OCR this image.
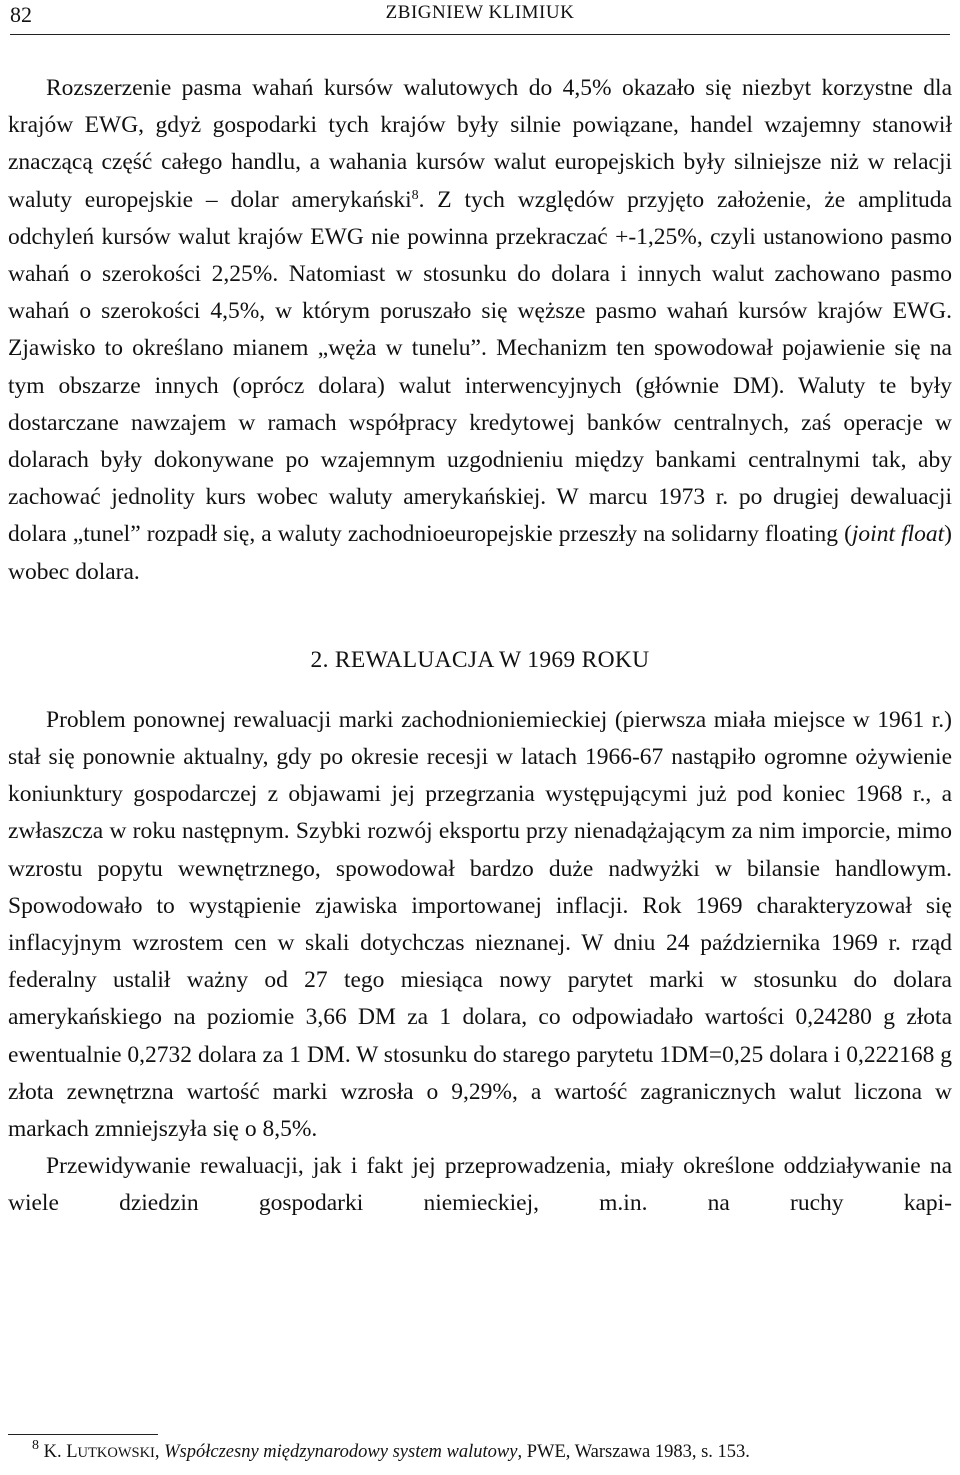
82	ZBIGNIEW KLIMIUK

Rozszerzenie pasma wahań kursów walutowych do 4,5% okazało się niezbyt korzystne dla krajów EWG, gdyż gospodarki tych krajów były silnie powiązane, handel wzajemny stanowił znaczącą część całego handlu, a wahania kursów walut europejskich były silniejsze niż w relacji waluty europejskie – dolar amerykański$^8$. Z tych względów przyjęto założenie, że amplituda odchyleń kursów walut krajów EWG nie powinna przekraczać +-1,25%, czyli ustanowiono pasmo wahań o szerokości 2,25%. Natomiast w stosunku do dolara i innych walut zachowano pasmo wahań o szerokości 4,5%, w którym poruszało się węższe pasmo wahań kursów krajów EWG. Zjawisko to określano mianem „węża w tunelu”. Mechanizm ten spowodował pojawienie się na tym obszarze innych (oprócz dolara) walut interwencyjnych (głównie DM). Waluty te były dostarczane nawzajem w ramach współpracy kredytowej banków centralnych, zaś operacje w dolarach były dokonywane po wzajemnym uzgodnieniu między bankami centralnymi tak, aby zachować jednolity kurs wobec waluty amerykańskiej. W marcu 1973 r. po drugiej dewaluacji dolara „tunel” rozpadł się, a waluty zachodnioeuropejskie przeszły na solidarny floating (joint float) wobec dolara.

2. REWALUACJA W 1969 ROKU

Problem ponownej rewaluacji marki zachodnioniemieckiej (pierwsza miała miejsce w 1961 r.) stał się ponownie aktualny, gdy po okresie recesji w latach 1966-67 nastąpiło ogromne ożywienie koniunktury gospodarczej z objawami jej przegrzania występującymi już pod koniec 1968 r., a zwłaszcza w roku następnym. Szybki rozwój eksportu przy nienadążającym za nim imporcie, mimo wzrostu popytu wewnętrznego, spowodował bardzo duże nadwyżki w bilansie handlowym. Spowodowało to wystąpienie zjawiska importowanej inflacji. Rok 1969 charakteryzował się inflacyjnym wzrostem cen w skali dotychczas nieznanej. W dniu 24 października 1969 r. rząd federalny ustalił ważny od 27 tego miesiąca nowy parytet marki w stosunku do dolara amerykańskiego na poziomie 3,66 DM za 1 dolara, co odpowiadało wartości 0,24280 g złota ewentualnie 0,2732 dolara za 1 DM. W stosunku do starego parytetu 1DM=0,25 dolara i 0,222168 g złota zewnętrzna wartość marki wzrosła o 9,29%, a wartość zagranicznych walut liczona w markach zmniejszyła się o 8,5%.

Przewidywanie rewaluacji, jak i fakt jej przeprowadzenia, miały określone oddziaływanie na wiele dziedzin gospodarki niemieckiej, m.in. na ruchy kapi-

$^8$ K. LUTKOWSKI, Współczesny międzynarodowy system walutowy, PWE, Warszawa 1983, s. 153.
